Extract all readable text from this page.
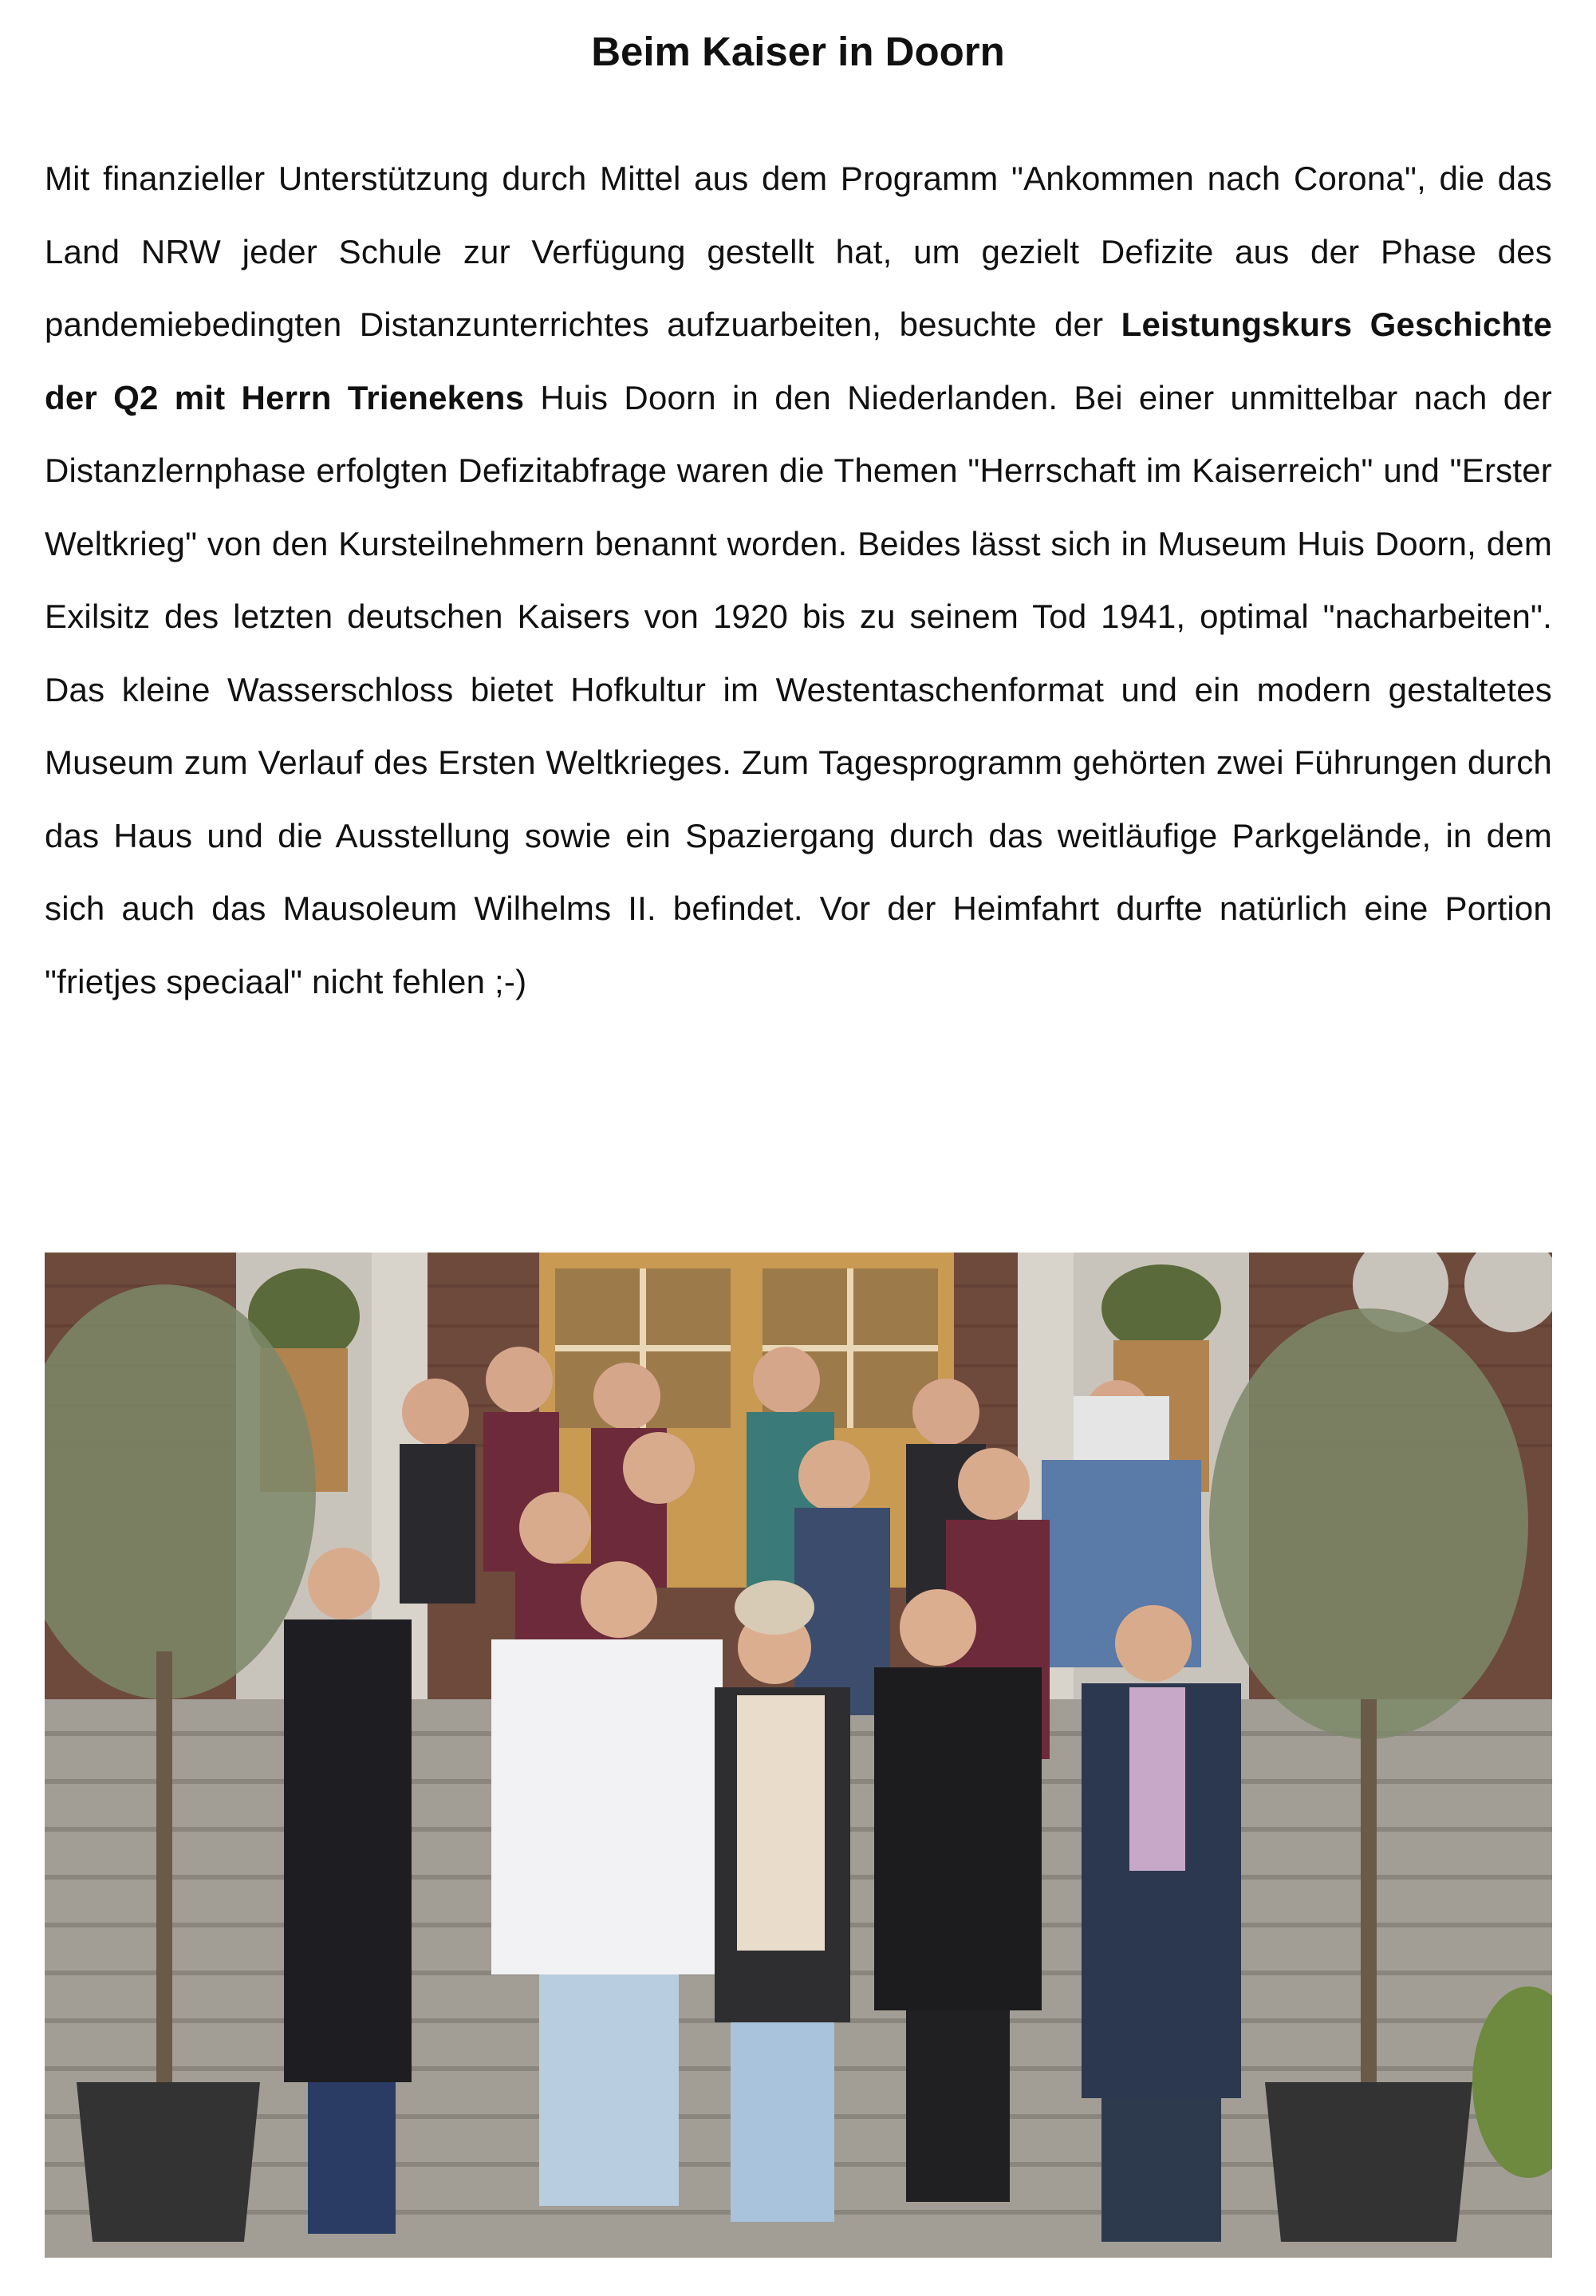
Beim Kaiser in Doorn
Mit finanzieller Unterstützung durch Mittel aus dem Programm "Ankommen nach Corona", die das Land NRW jeder Schule zur Verfügung gestellt hat, um gezielt Defizite aus der Phase des pandemiebedingten Distanzunterrichtes aufzuarbeiten, besuchte der Leistungskurs Geschichte der Q2 mit Herrn Trienekens Huis Doorn in den Niederlanden. Bei einer unmittelbar nach der Distanzlernphase erfolgten Defizitabfrage waren die Themen "Herrschaft im Kaiserreich" und "Erster Weltkrieg" von den Kursteilnehmern benannt worden. Beides lässt sich in Museum Huis Doorn, dem Exilsitz des letzten deutschen Kaisers von 1920 bis zu seinem Tod 1941, optimal "nacharbeiten". Das kleine Wasserschloss bietet Hofkultur im Westentaschenformat und ein modern gestaltetes Museum zum Verlauf des Ersten Weltkrieges. Zum Tagesprogramm gehörten zwei Führungen durch das Haus und die Ausstellung sowie ein Spaziergang durch das weitläufige Parkgelände, in dem sich auch das Mausoleum Wilhelms II. befindet. Vor der Heimfahrt durfte natürlich eine Portion "frietjes speciaal" nicht fehlen ;-)
